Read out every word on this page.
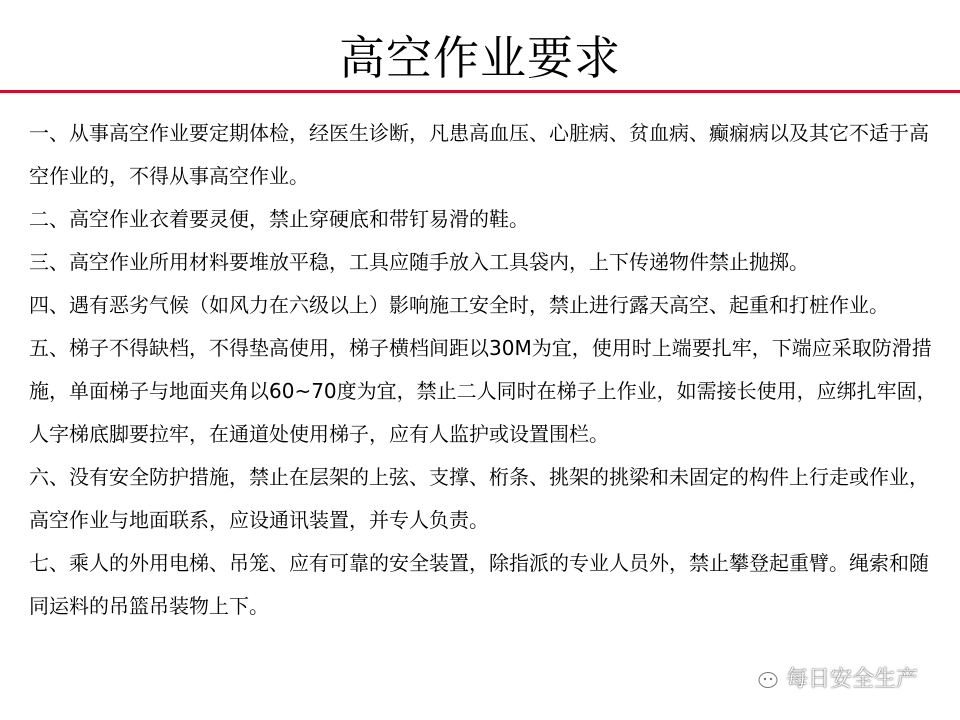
高空作业要求

一、从事高空作业要定期体检，经医生诊断，凡患高血压、心脏病、贫血病、癫痫病以及其它不适于高空作业的，不得从事高空作业。

二、高空作业衣着要灵便，禁止穿硬底和带钉易滑的鞋。

三、高空作业所用材料要堆放平稳，工具应随手放入工具袋内，上下传递物件禁止抛掷。

四、遇有恶劣气候（如风力在六级以上）影响施工安全时，禁止进行露天高空、起重和打桩作业。

五、梯子不得缺档，不得垫高使用，梯子横档间距以30M为宜，使用时上端要扎牢，下端应采取防滑措施，单面梯子与地面夹角以60~70度为宜，禁止二人同时在梯子上作业，如需接长使用，应绑扎牢固，人字梯底脚要拉牢，在通道处使用梯子，应有人监护或设置围栏。

六、没有安全防护措施，禁止在层架的上弦、支撑、桁条、挑架的挑梁和未固定的构件上行走或作业，高空作业与地面联系，应设通讯装置，并专人负责。

七、乘人的外用电梯、吊笼、应有可靠的安全装置，除指派的专业人员外，禁止攀登起重臂。绳索和随同运料的吊篮吊装物上下。

每日安全生产
